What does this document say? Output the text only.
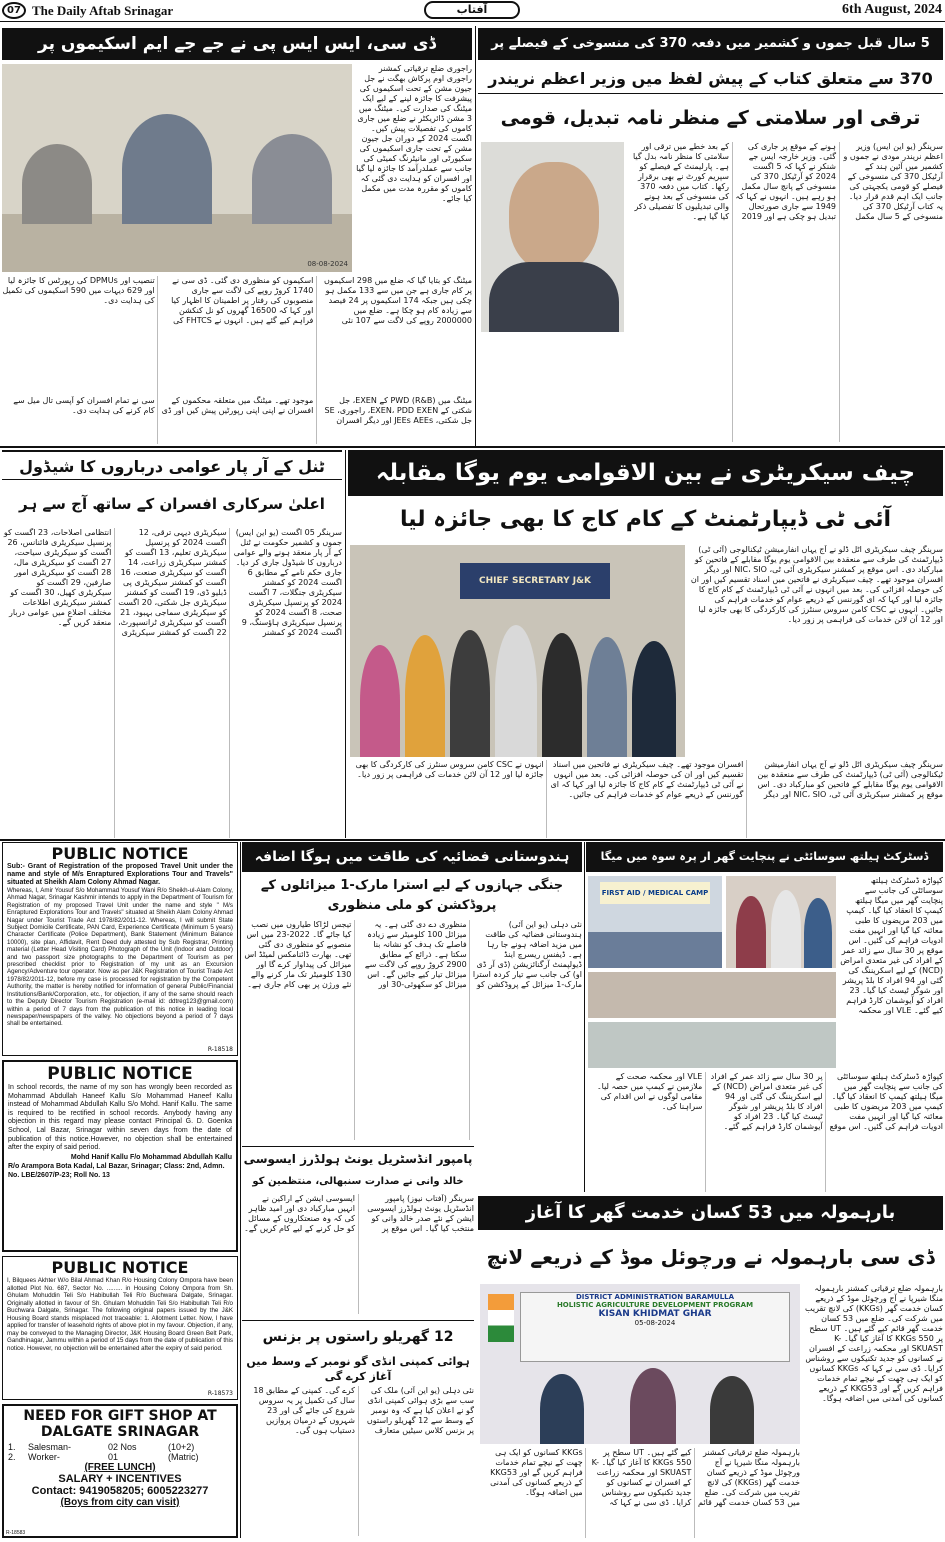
07 The Daily Aftab Srinagar	آفتاب	6th August, 2024
ڈی سی، ایس ایس پی نے جے جے ایم اسکیموں پر
08-08-2024
راجوری ضلع ترقیاتی کمشنر راجوری اوم پرکاش بھگت نے جل جیون مشن کے تحت اسکیموں کی پیشرفت کا جائزہ لینے کے لیے ایک میٹنگ کی صدارت کی۔ میٹنگ میں 3 مشن ڈائریکٹر نے ضلع میں جاری کاموں کی تفصیلات پیش کیں۔ اگست 2024 کے دوران جل جیون مشن کے تحت جاری اسکیموں کی سکیورٹی اور مانیٹرنگ کمیٹی کی جانب سے عملدرآمد کا جائزہ لیا گیا اور افسران کو ہدایت دی گئی کہ کاموں کو مقررہ مدت میں مکمل کیا جائے۔
میٹنگ کو بتایا گیا کہ ضلع میں 298 اسکیموں پر کام جاری ہے جن میں سے 133 مکمل ہو چکی ہیں جبکہ 174 اسکیموں پر 24 فیصد سے زیادہ کام ہو چکا ہے۔ ضلع میں 2000000 روپے کی لاگت سے 107 نئی اسکیموں کو منظوری دی گئی۔ ڈی سی نے 1740 کروڑ روپے کی لاگت سے جاری منصوبوں کی رفتار پر اطمینان کا اظہار کیا اور کہا کہ 16500 گھروں کو نل کنکشن فراہم کیے گئے ہیں۔ انہوں نے FHTCS کی تنصیب اور DPMUs کی رپورٹس کا جائزہ لیا اور 629 دیہات میں 590 اسکیموں کی تکمیل کی ہدایت دی۔
میٹنگ میں (R&B) PWD کے EXEN، جل شکتی کے EXEN، PDD EXEN، راجوری، SE جل شکتی، JEEs AEEs اور دیگر افسران موجود تھے۔ میٹنگ میں متعلقہ محکموں کے افسران نے اپنی اپنی رپورٹیں پیش کیں اور ڈی سی نے تمام افسران کو آپسی تال میل سے کام کرنے کی ہدایت دی۔
5 سال قبل جموں و کشمیر میں دفعہ 370 کی منسوخی کے فیصلے پر
370 سے متعلق کتاب کے پیش لفظ میں وزیر اعظم نریندر
ترقی اور سلامتی کے منظر نامہ تبدیل، قومی
سرینگر (یو این ایس) وزیر اعظم نریندر مودی نے جموں و کشمیر میں آئین ہند کے آرٹیکل 370 کی منسوخی کے فیصلے کو قومی یکجہتی کی جانب ایک اہم قدم قرار دیا۔ یہ کتاب آرٹیکل 370 کی منسوخی کے 5 سال مکمل ہونے کے موقع پر جاری کی گئی۔ وزیر خارجہ ایس جے شنکر نے کہا کہ 5 اگست 2024 کو آرٹیکل 370 کی منسوخی کے پانچ سال مکمل ہو رہے ہیں۔ انہوں نے کہا کہ 1949 سے جاری صورتحال تبدیل ہو چکی ہے اور 2019 کے بعد خطے میں ترقی اور سلامتی کا منظر نامہ بدل گیا ہے۔ پارلیمنٹ کے فیصلے کو سپریم کورٹ نے بھی برقرار رکھا۔ کتاب میں دفعہ 370 کی منسوخی کے بعد ہونے والی تبدیلیوں کا تفصیلی ذکر کیا گیا ہے۔
ٹنل کے آر پار عوامی درباروں کا شیڈول
اعلیٰ سرکاری افسران کے ساتھ آج سے ہر
سرینگر 05 اگست (یو این ایس) جموں و کشمیر حکومت نے ٹنل کے آر پار منعقد ہونے والے عوامی درباروں کا شیڈول جاری کر دیا۔ جاری حکم نامے کے مطابق 6 اگست 2024 کو کمشنر سیکریٹری جنگلات، 7 اگست 2024 کو پرنسپل سیکریٹری صحت، 8 اگست 2024 کو پرنسپل سیکریٹری ہاؤسنگ، 9 اگست 2024 کو کمشنر سیکریٹری دیہی ترقی، 12 اگست 2024 کو پرنسپل سیکریٹری تعلیم، 13 اگست کو کمشنر سیکریٹری زراعت، 14 اگست کو سیکریٹری صنعت، 16 اگست کو کمشنر سیکریٹری پی ڈبلیو ڈی، 19 اگست کو کمشنر سیکریٹری جل شکتی، 20 اگست کو سیکریٹری سماجی بہبود، 21 اگست کو سیکریٹری ٹرانسپورٹ، 22 اگست کو کمشنر سیکریٹری انتظامی اصلاحات، 23 اگست کو پرنسپل سیکریٹری فائنانس، 26 اگست کو سیکریٹری سیاحت، 27 اگست کو سیکریٹری مال، 28 اگست کو سیکریٹری امور صارفین، 29 اگست کو سیکریٹری کھیل، 30 اگست کو کمشنر سیکریٹری اطلاعات مختلف اضلاع میں عوامی دربار منعقد کریں گے۔
چیف سیکریٹری نے بین الاقوامی یوم یوگا مقابلہ
آئی ٹی ڈیپارٹمنٹ کے کام کاج کا بھی جائزہ لیا
CHIEF SECRETARY J&K
سرینگر چیف سیکریٹری اٹل ڈلو نے آج یہاں انفارمیشن ٹیکنالوجی (آئی ٹی) ڈیپارٹمنٹ کی طرف سے منعقدہ بین الاقوامی یوم یوگا مقابلے کے فاتحین کو مبارکباد دی۔ اس موقع پر کمشنر سیکریٹری آئی ٹی، NIC، SIO اور دیگر افسران موجود تھے۔ چیف سیکریٹری نے فاتحین میں اسناد تقسیم کیں اور ان کی حوصلہ افزائی کی۔ بعد میں انہوں نے آئی ٹی ڈیپارٹمنٹ کے کام کاج کا جائزہ لیا اور کہا کہ ای گورننس کے ذریعے عوام کو خدمات فراہم کی جائیں۔ انہوں نے CSC کامن سروس سنٹرز کی کارکردگی کا بھی جائزہ لیا اور 12 آن لائن خدمات کی فراہمی پر زور دیا۔
سرینگر چیف سیکریٹری اٹل ڈلو نے آج یہاں انفارمیشن ٹیکنالوجی (آئی ٹی) ڈیپارٹمنٹ کی طرف سے منعقدہ بین الاقوامی یوم یوگا مقابلے کے فاتحین کو مبارکباد دی۔ اس موقع پر کمشنر سیکریٹری آئی ٹی، NIC، SIO اور دیگر افسران موجود تھے۔ چیف سیکریٹری نے فاتحین میں اسناد تقسیم کیں اور ان کی حوصلہ افزائی کی۔ بعد میں انہوں نے آئی ٹی ڈیپارٹمنٹ کے کام کاج کا جائزہ لیا اور کہا کہ ای گورننس کے ذریعے عوام کو خدمات فراہم کی جائیں۔ انہوں نے CSC کامن سروس سنٹرز کی کارکردگی کا بھی جائزہ لیا اور 12 آن لائن خدمات کی فراہمی پر زور دیا۔
PUBLIC NOTICE
Sub:- Grant of Registration of the proposed Travel Unit under the name and style of M/s Enraptured Explorations Tour and Travels" situated at Sheikh Alam Colony Ahmad Nagar.
Whereas, I, Amir Yousuf S/o Mohammad Yousuf Wani R/o Sheikh-ul-Alam Colony, Ahmad Nagar, Srinagar Kashmir intends to apply in the Department of Tourism for Registration of my proposed Travel Unit under the name and style " M/s Enraptured Explorations Tour and Travels" situated at Sheikh Alam Colony Ahmad Nagar under Tourist Trade Act 1978/82/2011-12. Whereas, I will submit State Subject Domicile Certificate, PAN Card, Experience Certificate (Minimum 5 years) Character Certificate (Police Department), Bank Statement (Minimum Balance 10000), site plan, Affidavit, Rent Deed duly attested by Sub Registrar, Printing material (Letter Head Visiting Card) Photograph of the Unit (Indoor and Outdoor) and two passport size photographs to the Department of Tourism as per prescribed checklist prior to Registration of my unit as an Excursion Agency/Adventure tour operator. Now as per J&K Registration of Tourist Trade Act 1978/82/2011-12, before my case is processed for registration by the Competent Authority, the matter is hereby notified for information of general Public/Financial Institutions/Bank/Corporation, etc., for objection, if any of the same should reach to the Deputy Director Tourism Registration (e-mail id: ddtreg123@gmail.com) within a period of 7 days from the publication of this notice in leading local newspaper/newspapers of the valley. No objections beyond a period of 7 days shall be entertained.
R-18518
PUBLIC NOTICE
In school records, the name of my son has wrongly been recorded as Mohammad Abdullah Haneef Kallu S/o Mohammad Haneef Kallu instead of Mohammad Abdullah Kallu S/o Mohd. Hanif Kallu. The same is required to be rectified in school records. Anybody having any objection in this regard may please contact Principal G. D. Goenka School, Lal Bazar, Srinagar within seven days from the date of publication of this notice.However, no objection shall be entertained after the expiry of said period.
Mohd Hanif Kallu F/o Mohammad Abdullah Kallu
R/o Arampora Bota Kadal, Lal Bazar, Srinagar; Class: 2nd, Admn. No. LBE/2607/P-23; Roll No. 13
PUBLIC NOTICE
I, Bilquees Akhter W/o Bilal Ahmad Khan R/o Housing Colony Ompora have been allotted Plot No. 687, Sector No. ......... in Housing Colony Ompora from Sh. Ghulam Mohuddin Teli S/o Habibullah Teli R/o Buchwara Dalgate, Srinagar. Originally allotted in favour of Sh. Ghulam Mohuddin Teli S/o Habibullah Teli R/o Buchwara Dalgate, Srinagar. The following original papers issued by the J&K Housing Board stands misplaced /not traceable: 1. Allotment Letter. Now, I have applied for transfer of leasehold rights of above plot in my favour. Objection, if any, may be conveyed to the Managing Director, J&K Housing Board Green Belt Park, Gandhinagar, Jammu within a period of 15 days from the date of publication of this notice. However, no objection will be entertained after the expiry of said period.
R-18573
NEED FOR GIFT SHOP AT DALGATE SRINAGAR
1.	Salesman-	02 Nos	(10+2)
2.	Worker-	01	(Matric)
(FREE LUNCH)
SALARY + INCENTIVES
Contact: 9419058205; 6005223277
(Boys from city can visit)
R-18583
ہندوستانی فضائیہ کی طاقت میں ہوگا اضافہ
جنگی جہازوں کے لیے استرا مارک-1 میزائلوں کے پروڈکشن کو ملی منظوری
نئی دہلی (یو این آئی) ہندوستانی فضائیہ کی طاقت میں مزید اضافہ ہونے جا رہا ہے۔ ڈیفنس ریسرچ اینڈ ڈیولپمنٹ آرگنائزیشن (ڈی آر ڈی او) کی جانب سے تیار کردہ استرا مارک-1 میزائل کے پروڈکشن کو منظوری دے دی گئی ہے۔ یہ میزائل 100 کلومیٹر سے زیادہ فاصلے تک ہدف کو نشانہ بنا سکتا ہے۔ ذرائع کے مطابق 2900 کروڑ روپے کی لاگت سے میزائل تیار کیے جائیں گے۔ اس میزائل کو سکھوئی-30 اور تیجس لڑاکا طیاروں میں نصب کیا جائے گا۔ 2022-23 میں اس منصوبے کو منظوری دی گئی تھی۔ بھارت ڈائنامکس لمیٹڈ اس میزائل کی پیداوار کرے گا اور 130 کلومیٹر تک مار کرنے والے نئے ورژن پر بھی کام جاری ہے۔
ڈسٹرکٹ ہیلتھ سوسائٹی نے پنچایت گھر ار پرہ سوہ میں میگا
FIRST AID / MEDICAL CAMP
کپواڑہ ڈسٹرکٹ ہیلتھ سوسائٹی کی جانب سے پنچایت گھر میں میگا ہیلتھ کیمپ کا انعقاد کیا گیا۔ کیمپ میں 203 مریضوں کا طبی معائنہ کیا گیا اور انہیں مفت ادویات فراہم کی گئیں۔ اس موقع پر 30 سال سے زائد عمر کے افراد کی غیر متعدی امراض (NCD) کے لیے اسکریننگ کی گئی اور 94 افراد کا بلڈ پریشر اور شوگر ٹیسٹ کیا گیا۔ 23 افراد کو آیوشمان کارڈ فراہم کیے گئے۔ VLE اور محکمہ
کپواڑہ ڈسٹرکٹ ہیلتھ سوسائٹی کی جانب سے پنچایت گھر میں میگا ہیلتھ کیمپ کا انعقاد کیا گیا۔ کیمپ میں 203 مریضوں کا طبی معائنہ کیا گیا اور انہیں مفت ادویات فراہم کی گئیں۔ اس موقع پر 30 سال سے زائد عمر کے افراد کی غیر متعدی امراض (NCD) کے لیے اسکریننگ کی گئی اور 94 افراد کا بلڈ پریشر اور شوگر ٹیسٹ کیا گیا۔ 23 افراد کو آیوشمان کارڈ فراہم کیے گئے۔ VLE اور محکمہ صحت کے ملازمین نے کیمپ میں حصہ لیا۔ مقامی لوگوں نے اس اقدام کی سراہنا کی۔
پامپور انڈسٹریل یونٹ ہولڈرز ایسوسی
خالد وانی نے صدارت سنبھالی، منتظمین کو
سرینگر (آفتاب نیوز) پامپور انڈسٹریل یونٹ ہولڈرز ایسوسی ایشن کے نئے صدر خالد وانی کو منتخب کیا گیا۔ اس موقع پر ایسوسی ایشن کے اراکین نے انہیں مبارکباد دی اور امید ظاہر کی کہ وہ صنعتکاروں کے مسائل کو حل کرنے کے لیے کام کریں گے۔
12 گھریلو راستوں پر بزنس
ہوائی کمپنی انڈی گو نومبر کے وسط میں آغاز کرے گی
نئی دہلی (یو این آئی) ملک کی سب سے بڑی ہوائی کمپنی انڈی گو نے اعلان کیا ہے کہ وہ نومبر کے وسط سے 12 گھریلو راستوں پر بزنس کلاس سیٹیں متعارف کرے گی۔ کمپنی کے مطابق 18 سال کی تکمیل پر یہ سروس شروع کی جائے گی اور 23 شہروں کے درمیان پروازیں دستیاب ہوں گی۔
بارہمولہ میں 53 کسان خدمت گھر کا آغاز
ڈی سی بارہمولہ نے ورچوئل موڈ کے ذریعے لانچ
DISTRICT ADMINISTRATION BARAMULLA
HOLISTIC AGRICULTURE DEVELOPMENT PROGRAM
KISAN KHIDMAT GHAR
05-08-2024
بارہمولہ ضلع ترقیاتی کمشنر بارہمولہ منگا شیرپا نے آج ورچوئل موڈ کے ذریعے کسان خدمت گھر (KKGs) کی لانچ تقریب میں شرکت کی۔ ضلع میں 53 کسان خدمت گھر قائم کیے گئے ہیں۔ UT سطح پر 550 KKGs کا آغاز کیا گیا۔ K-SKUAST اور محکمہ زراعت کے افسران نے کسانوں کو جدید تکنیکوں سے روشناس کرایا۔ ڈی سی نے کہا کہ KKGs کسانوں کو ایک ہی چھت کے نیچے تمام خدمات فراہم کریں گے اور KKG53 کے ذریعے کسانوں کی آمدنی میں اضافہ ہوگا۔
بارہمولہ ضلع ترقیاتی کمشنر بارہمولہ منگا شیرپا نے آج ورچوئل موڈ کے ذریعے کسان خدمت گھر (KKGs) کی لانچ تقریب میں شرکت کی۔ ضلع میں 53 کسان خدمت گھر قائم کیے گئے ہیں۔ UT سطح پر 550 KKGs کا آغاز کیا گیا۔ K-SKUAST اور محکمہ زراعت کے افسران نے کسانوں کو جدید تکنیکوں سے روشناس کرایا۔ ڈی سی نے کہا کہ KKGs کسانوں کو ایک ہی چھت کے نیچے تمام خدمات فراہم کریں گے اور KKG53 کے ذریعے کسانوں کی آمدنی میں اضافہ ہوگا۔
